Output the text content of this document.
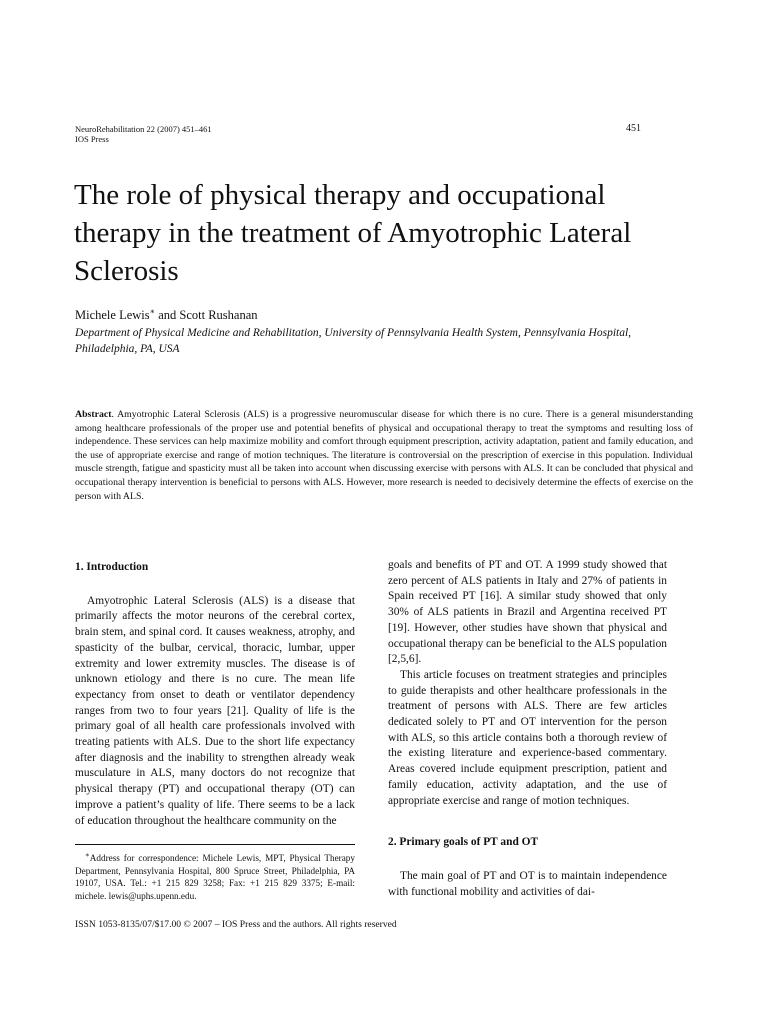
NeuroRehabilitation 22 (2007) 451–461
IOS Press
451
The role of physical therapy and occupational therapy in the treatment of Amyotrophic Lateral Sclerosis
Michele Lewis∗ and Scott Rushanan
Department of Physical Medicine and Rehabilitation, University of Pennsylvania Health System, Pennsylvania Hospital, Philadelphia, PA, USA

Abstract. Amyotrophic Lateral Sclerosis (ALS) is a progressive neuromuscular disease for which there is no cure. There is a general misunderstanding among healthcare professionals of the proper use and potential benefits of physical and occupational therapy to treat the symptoms and resulting loss of independence. These services can help maximize mobility and comfort through equipment prescription, activity adaptation, patient and family education, and the use of appropriate exercise and range of motion techniques. The literature is controversial on the prescription of exercise in this population. Individual muscle strength, fatigue and spasticity must all be taken into account when discussing exercise with persons with ALS. It can be concluded that physical and occupational therapy intervention is beneficial to persons with ALS. However, more research is needed to decisively determine the effects of exercise on the person with ALS.

1. Introduction

Amyotrophic Lateral Sclerosis (ALS) is a disease that primarily affects the motor neurons of the cerebral cortex, brain stem, and spinal cord. It causes weakness, atrophy, and spasticity of the bulbar, cervical, thoracic, lumbar, upper extremity and lower extremity muscles. The disease is of unknown etiology and there is no cure. The mean life expectancy from onset to death or ventilator dependency ranges from two to four years [21]. Quality of life is the primary goal of all health care professionals involved with treating patients with ALS. Due to the short life expectancy after diagnosis and the inability to strengthen already weak musculature in ALS, many doctors do not recognize that physical therapy (PT) and occupational therapy (OT) can improve a patient’s quality of life. There seems to be a lack of education throughout the healthcare community on the

goals and benefits of PT and OT. A 1999 study showed that zero percent of ALS patients in Italy and 27% of patients in Spain received PT [16]. A similar study showed that only 30% of ALS patients in Brazil and Argentina received PT [19]. However, other studies have shown that physical and occupational therapy can be beneficial to the ALS population [2,5,6].

This article focuses on treatment strategies and principles to guide therapists and other healthcare professionals in the treatment of persons with ALS. There are few articles dedicated solely to PT and OT intervention for the person with ALS, so this article contains both a thorough review of the existing literature and experience-based commentary. Areas covered include equipment prescription, patient and family education, activity adaptation, and the use of appropriate exercise and range of motion techniques.

2. Primary goals of PT and OT

The main goal of PT and OT is to maintain independence with functional mobility and activities of dai-

∗Address for correspondence: Michele Lewis, MPT, Physical Therapy Department, Pennsylvania Hospital, 800 Spruce Street, Philadelphia, PA 19107, USA. Tel.: +1 215 829 3258; Fax: +1 215 829 3375; E-mail: michele. lewis@uphs.upenn.edu.

ISSN 1053-8135/07/$17.00 © 2007 – IOS Press and the authors. All rights reserved
